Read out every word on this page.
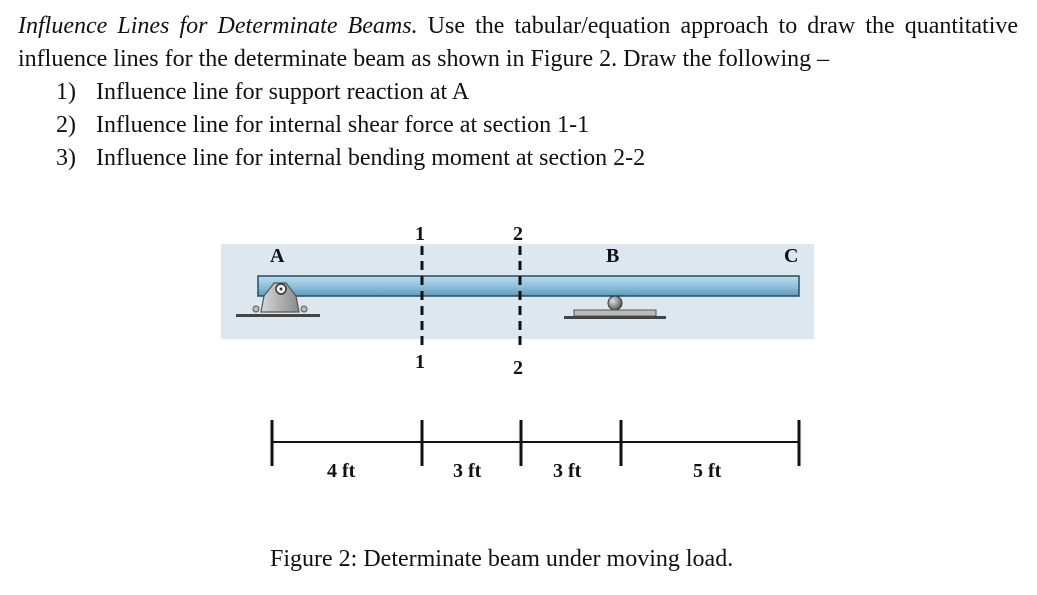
Influence Lines for Determinate Beams. Use the tabular/equation approach to draw the quantitative influence lines for the determinate beam as shown in Figure 2. Draw the following –

1) Influence line for support reaction at A
2) Influence line for internal shear force at section 1-1
3) Influence line for internal bending moment at section 2-2
A	B	C
1
1
2
2
4 ft	3 ft	3 ft	5 ft
Figure 2: Determinate beam under moving load.
